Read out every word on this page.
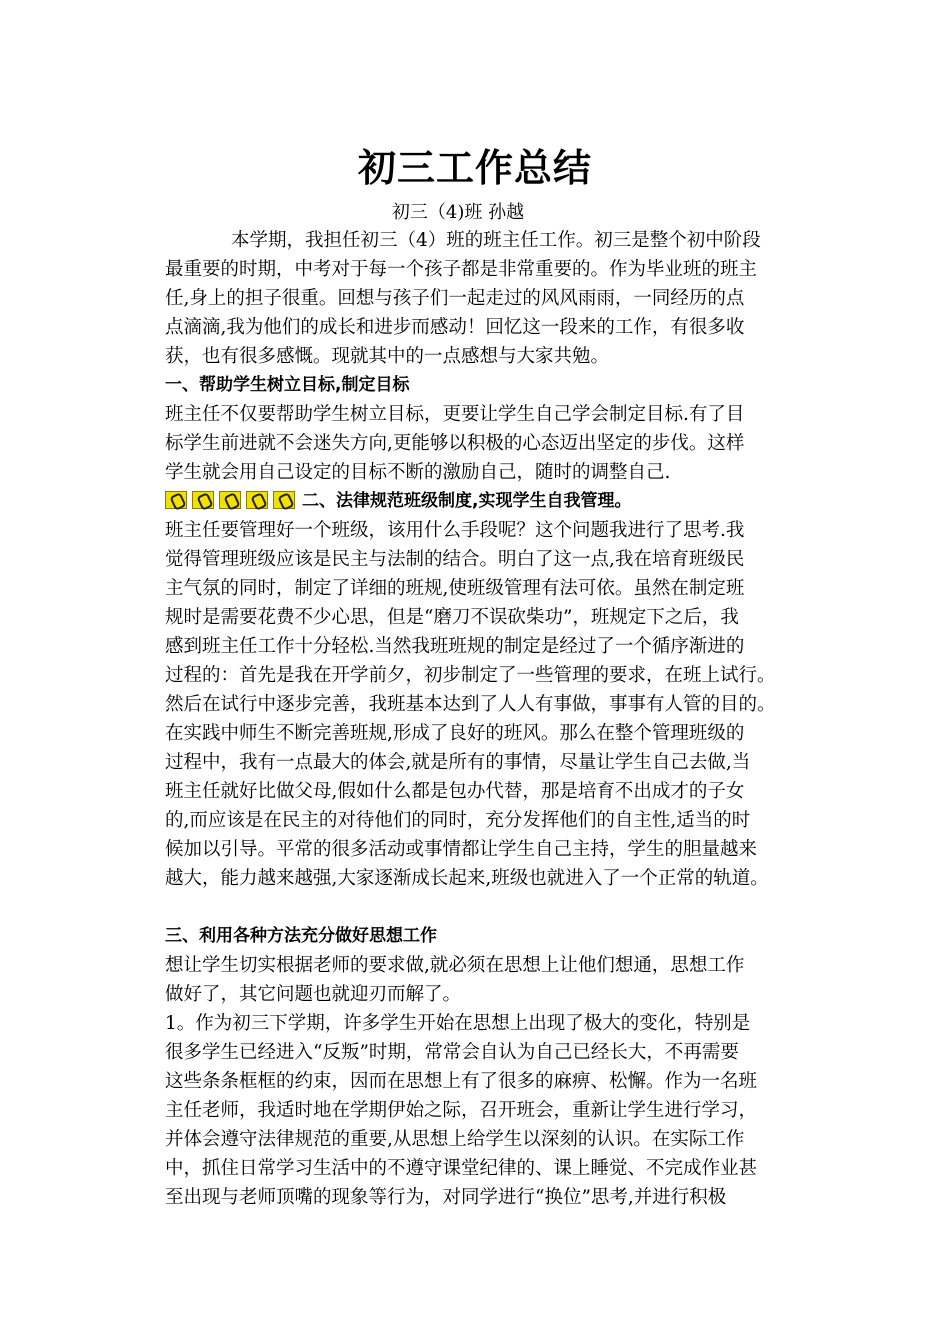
初三工作总结
初三（4)班 孙越
本学期，我担任初三（4）班的班主任工作。初三是整个初中阶段
最重要的时期，中考对于每一个孩子都是非常重要的。作为毕业班的班主
任,身上的担子很重。回想与孩子们一起走过的风风雨雨，一同经历的点
点滴滴,我为他们的成长和进步而感动！回忆这一段来的工作，有很多收
获，也有很多感慨。现就其中的一点感想与大家共勉。
一、帮助学生树立目标,制定目标
班主任不仅要帮助学生树立目标，更要让学生自己学会制定目标.有了目
标学生前进就不会迷失方向,更能够以积极的心态迈出坚定的步伐。这样
学生就会用自己设定的目标不断的激励自己，随时的调整自己.
二、法律规范班级制度,实现学生自我管理。
班主任要管理好一个班级，该用什么手段呢？这个问题我进行了思考.我
觉得管理班级应该是民主与法制的结合。明白了这一点,我在培育班级民
主气氛的同时，制定了详细的班规,使班级管理有法可依。虽然在制定班
规时是需要花费不少心思，但是“磨刀不误砍柴功”，班规定下之后，我
感到班主任工作十分轻松.当然我班班规的制定是经过了一个循序渐进的
过程的：首先是我在开学前夕，初步制定了一些管理的要求，在班上试行。
然后在试行中逐步完善，我班基本达到了人人有事做，事事有人管的目的。
在实践中师生不断完善班规,形成了良好的班风。那么在整个管理班级的
过程中，我有一点最大的体会,就是所有的事情，尽量让学生自己去做,当
班主任就好比做父母,假如什么都是包办代替，那是培育不出成才的子女
的,而应该是在民主的对待他们的同时，充分发挥他们的自主性,适当的时
候加以引导。平常的很多活动或事情都让学生自己主持，学生的胆量越来
越大，能力越来越强,大家逐渐成长起来,班级也就进入了一个正常的轨道。
三、利用各种方法充分做好思想工作
想让学生切实根据老师的要求做,就必须在思想上让他们想通，思想工作
做好了，其它问题也就迎刃而解了。
1。作为初三下学期，许多学生开始在思想上出现了极大的变化，特别是
很多学生已经进入“反叛”时期，常常会自认为自己已经长大，不再需要
这些条条框框的约束，因而在思想上有了很多的麻痹、松懈。作为一名班
主任老师，我适时地在学期伊始之际，召开班会，重新让学生进行学习，
并体会遵守法律规范的重要,从思想上给学生以深刻的认识。在实际工作
中，抓住日常学习生活中的不遵守课堂纪律的、课上睡觉、不完成作业甚
至出现与老师顶嘴的现象等行为，对同学进行“换位”思考,并进行积极
